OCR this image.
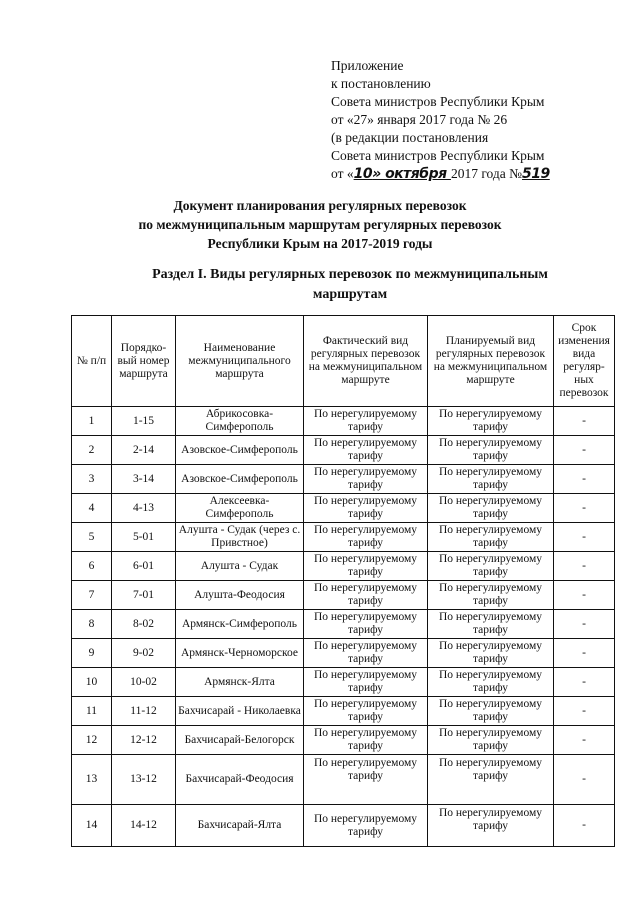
Приложение
к постановлению
Совета министров Республики Крым
от «27» января 2017 года № 26
(в редакции постановления
Совета министров Республики Крым
от «10» октября 2017 года №519
Документ планирования регулярных перевозок
по межмуниципальным маршрутам регулярных перевозок
Республики Крым на 2017-2019 годы
Раздел I. Виды регулярных перевозок по межмуниципальным
маршрутам
№ п/п	Порядко-вый номер маршрута	Наименование межмуниципального маршрута	Фактический вид регулярных перевозок на межмуниципальном маршруте	Планируемый вид регулярных перевозок на межмуниципальном маршруте	Срок изменения вида регуляр-ных перевозок
1	1-15	Абрикосовка-Симферополь	По нерегулируемому тарифу	По нерегулируемому тарифу	-
2	2-14	Азовское-Симферополь	По нерегулируемому тарифу	По нерегулируемому тарифу	-
3	3-14	Азовское-Симферополь	По нерегулируемому тарифу	По нерегулируемому тарифу	-
4	4-13	Алексеевка-Симферополь	По нерегулируемому тарифу	По нерегулируемому тарифу	-
5	5-01	Алушта - Судак (через с. Привстное)	По нерегулируемому тарифу	По нерегулируемому тарифу	-
6	6-01	Алушта - Судак	По нерегулируемому тарифу	По нерегулируемому тарифу	-
7	7-01	Алушта-Феодосия	По нерегулируемому тарифу	По нерегулируемому тарифу	-
8	8-02	Армянск-Симферополь	По нерегулируемому тарифу	По нерегулируемому тарифу	-
9	9-02	Армянск-Черноморское	По нерегулируемому тарифу	По нерегулируемому тарифу	-
10	10-02	Армянск-Ялта	По нерегулируемому тарифу	По нерегулируемому тарифу	-
11	11-12	Бахчисарай - Николаевка	По нерегулируемому тарифу	По нерегулируемому тарифу	-
12	12-12	Бахчисарай-Белогорск	По нерегулируемому тарифу	По нерегулируемому тарифу	-
13	13-12	Бахчисарай-Феодосия	По нерегулируемому тарифу	По нерегулируемому тарифу	-
14	14-12	Бахчисарай-Ялта	По нерегулируемому тарифу	По нерегулируемому тарифу	-
